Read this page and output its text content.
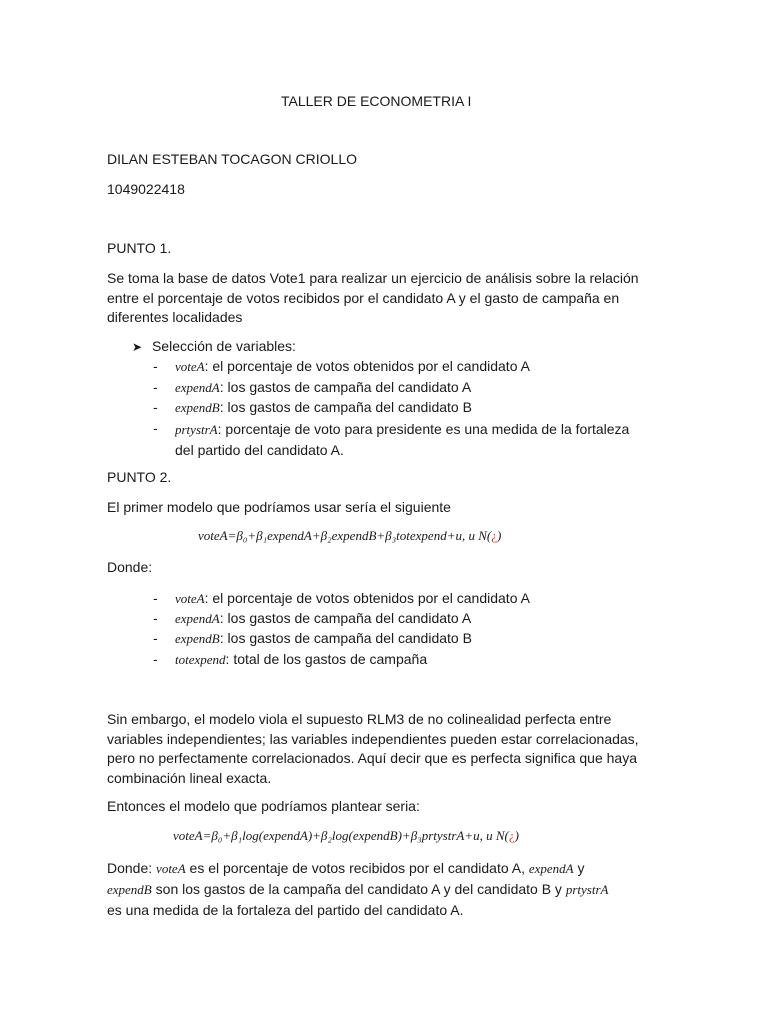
TALLER DE ECONOMETRIA I
DILAN ESTEBAN TOCAGON CRIOLLO
1049022418
PUNTO 1.
Se toma la base de datos Vote1 para realizar un ejercicio de análisis sobre la relación entre el porcentaje de votos recibidos por el candidato A y el gasto de campaña en diferentes localidades
➤ Selección de variables:
- voteA: el porcentaje de votos obtenidos por el candidato A
- expendA: los gastos de campaña del candidato A
- expendB: los gastos de campaña del candidato B
- prtystrA: porcentaje de voto para presidente es una medida de la fortaleza del partido del candidato A.
PUNTO 2.
El primer modelo que podríamos usar sería el siguiente
voteA=β₀+β₁expendA+β₂expendB+β₃totexpend+u, u N(¿)
Donde:
- voteA: el porcentaje de votos obtenidos por el candidato A
- expendA: los gastos de campaña del candidato A
- expendB: los gastos de campaña del candidato B
- totexpend: total de los gastos de campaña
Sin embargo, el modelo viola el supuesto RLM3 de no colinealidad perfecta entre variables independientes; las variables independientes pueden estar correlacionadas, pero no perfectamente correlacionados. Aquí decir que es perfecta significa que haya combinación lineal exacta.
Entonces el modelo que podríamos plantear seria:
voteA=β₀+β₁log(expendA)+β₂log(expendB)+β₃prtystrA+u, u N(¿)
Donde: voteA es el porcentaje de votos recibidos por el candidato A, expendA y
expendB son los gastos de la campaña del candidato A y del candidato B y prtystrA
es una medida de la fortaleza del partido del candidato A.
